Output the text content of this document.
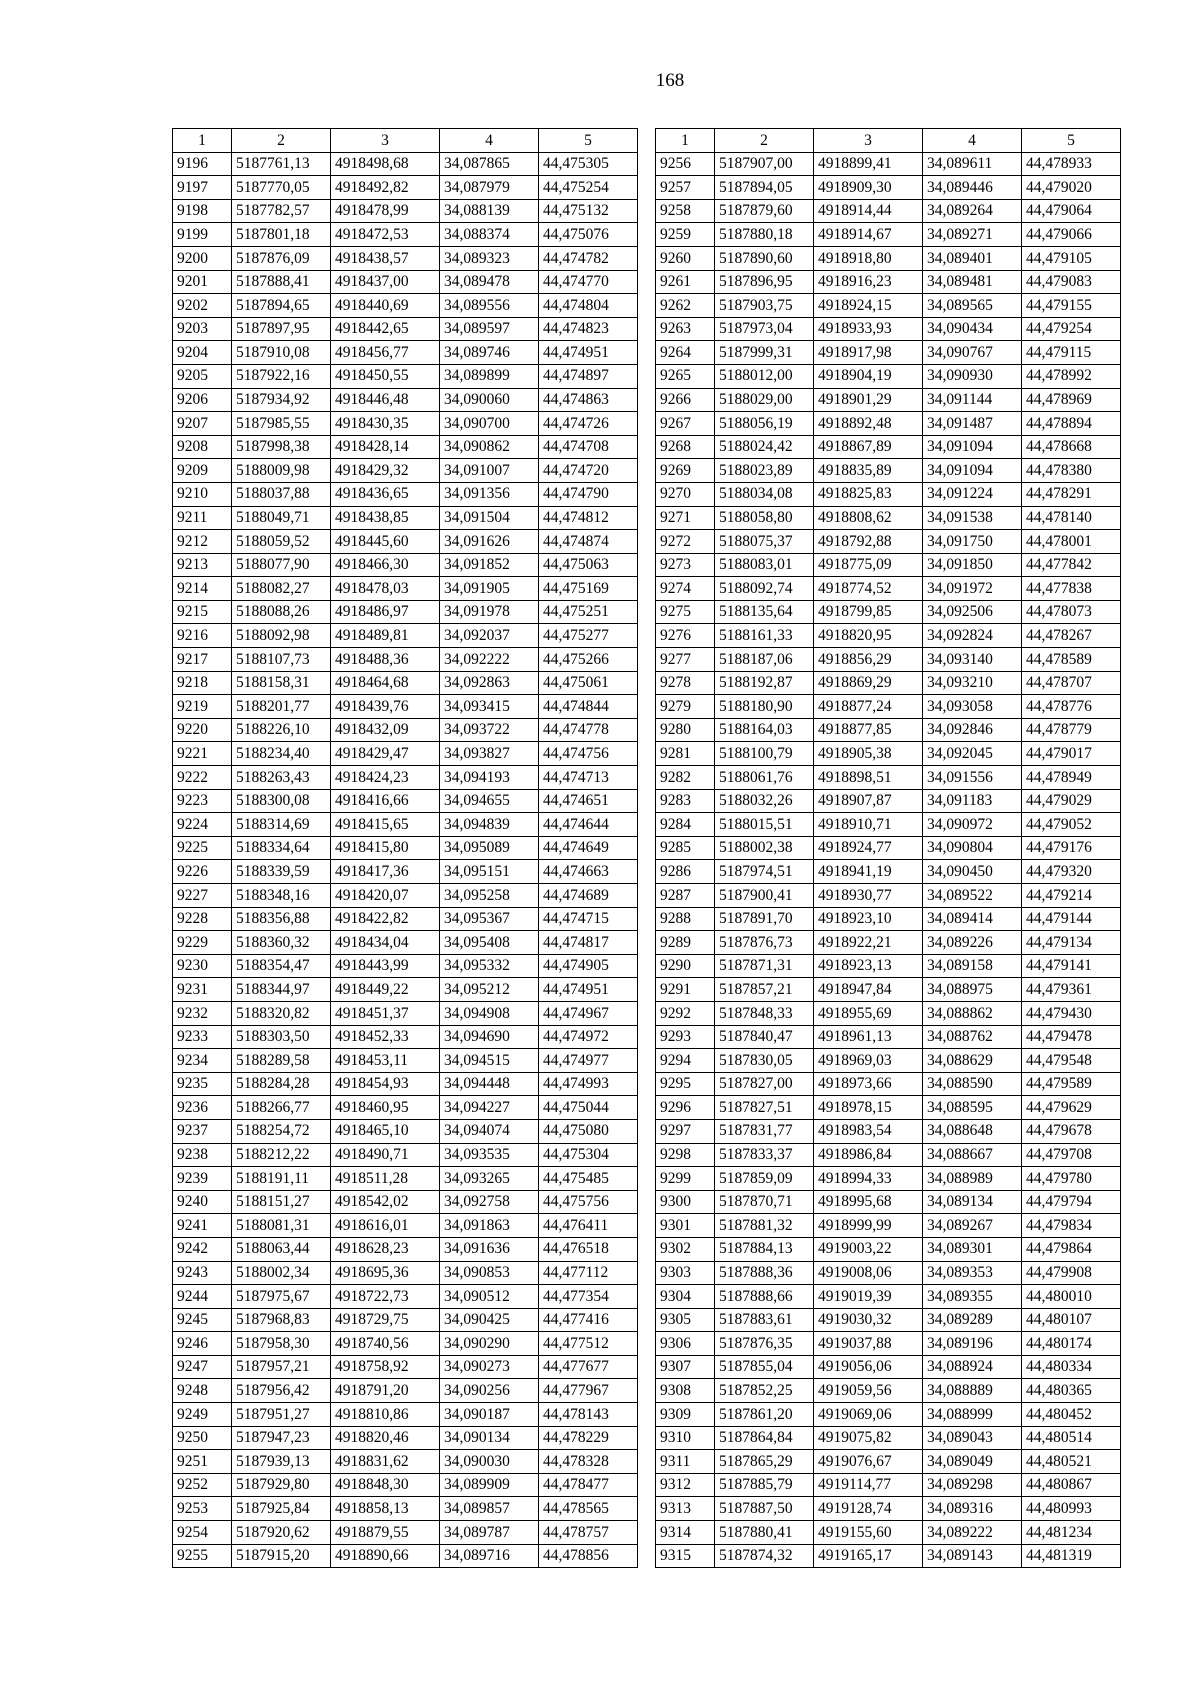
168
1	2	3	4	5
9196	5187761,13	4918498,68	34,087865	44,475305
9197	5187770,05	4918492,82	34,087979	44,475254
9198	5187782,57	4918478,99	34,088139	44,475132
9199	5187801,18	4918472,53	34,088374	44,475076
9200	5187876,09	4918438,57	34,089323	44,474782
9201	5187888,41	4918437,00	34,089478	44,474770
9202	5187894,65	4918440,69	34,089556	44,474804
9203	5187897,95	4918442,65	34,089597	44,474823
9204	5187910,08	4918456,77	34,089746	44,474951
9205	5187922,16	4918450,55	34,089899	44,474897
9206	5187934,92	4918446,48	34,090060	44,474863
9207	5187985,55	4918430,35	34,090700	44,474726
9208	5187998,38	4918428,14	34,090862	44,474708
9209	5188009,98	4918429,32	34,091007	44,474720
9210	5188037,88	4918436,65	34,091356	44,474790
9211	5188049,71	4918438,85	34,091504	44,474812
9212	5188059,52	4918445,60	34,091626	44,474874
9213	5188077,90	4918466,30	34,091852	44,475063
9214	5188082,27	4918478,03	34,091905	44,475169
9215	5188088,26	4918486,97	34,091978	44,475251
9216	5188092,98	4918489,81	34,092037	44,475277
9217	5188107,73	4918488,36	34,092222	44,475266
9218	5188158,31	4918464,68	34,092863	44,475061
9219	5188201,77	4918439,76	34,093415	44,474844
9220	5188226,10	4918432,09	34,093722	44,474778
9221	5188234,40	4918429,47	34,093827	44,474756
9222	5188263,43	4918424,23	34,094193	44,474713
9223	5188300,08	4918416,66	34,094655	44,474651
9224	5188314,69	4918415,65	34,094839	44,474644
9225	5188334,64	4918415,80	34,095089	44,474649
9226	5188339,59	4918417,36	34,095151	44,474663
9227	5188348,16	4918420,07	34,095258	44,474689
9228	5188356,88	4918422,82	34,095367	44,474715
9229	5188360,32	4918434,04	34,095408	44,474817
9230	5188354,47	4918443,99	34,095332	44,474905
9231	5188344,97	4918449,22	34,095212	44,474951
9232	5188320,82	4918451,37	34,094908	44,474967
9233	5188303,50	4918452,33	34,094690	44,474972
9234	5188289,58	4918453,11	34,094515	44,474977
9235	5188284,28	4918454,93	34,094448	44,474993
9236	5188266,77	4918460,95	34,094227	44,475044
9237	5188254,72	4918465,10	34,094074	44,475080
9238	5188212,22	4918490,71	34,093535	44,475304
9239	5188191,11	4918511,28	34,093265	44,475485
9240	5188151,27	4918542,02	34,092758	44,475756
9241	5188081,31	4918616,01	34,091863	44,476411
9242	5188063,44	4918628,23	34,091636	44,476518
9243	5188002,34	4918695,36	34,090853	44,477112
9244	5187975,67	4918722,73	34,090512	44,477354
9245	5187968,83	4918729,75	34,090425	44,477416
9246	5187958,30	4918740,56	34,090290	44,477512
9247	5187957,21	4918758,92	34,090273	44,477677
9248	5187956,42	4918791,20	34,090256	44,477967
9249	5187951,27	4918810,86	34,090187	44,478143
9250	5187947,23	4918820,46	34,090134	44,478229
9251	5187939,13	4918831,62	34,090030	44,478328
9252	5187929,80	4918848,30	34,089909	44,478477
9253	5187925,84	4918858,13	34,089857	44,478565
9254	5187920,62	4918879,55	34,089787	44,478757
9255	5187915,20	4918890,66	34,089716	44,478856
1	2	3	4	5
9256	5187907,00	4918899,41	34,089611	44,478933
9257	5187894,05	4918909,30	34,089446	44,479020
9258	5187879,60	4918914,44	34,089264	44,479064
9259	5187880,18	4918914,67	34,089271	44,479066
9260	5187890,60	4918918,80	34,089401	44,479105
9261	5187896,95	4918916,23	34,089481	44,479083
9262	5187903,75	4918924,15	34,089565	44,479155
9263	5187973,04	4918933,93	34,090434	44,479254
9264	5187999,31	4918917,98	34,090767	44,479115
9265	5188012,00	4918904,19	34,090930	44,478992
9266	5188029,00	4918901,29	34,091144	44,478969
9267	5188056,19	4918892,48	34,091487	44,478894
9268	5188024,42	4918867,89	34,091094	44,478668
9269	5188023,89	4918835,89	34,091094	44,478380
9270	5188034,08	4918825,83	34,091224	44,478291
9271	5188058,80	4918808,62	34,091538	44,478140
9272	5188075,37	4918792,88	34,091750	44,478001
9273	5188083,01	4918775,09	34,091850	44,477842
9274	5188092,74	4918774,52	34,091972	44,477838
9275	5188135,64	4918799,85	34,092506	44,478073
9276	5188161,33	4918820,95	34,092824	44,478267
9277	5188187,06	4918856,29	34,093140	44,478589
9278	5188192,87	4918869,29	34,093210	44,478707
9279	5188180,90	4918877,24	34,093058	44,478776
9280	5188164,03	4918877,85	34,092846	44,478779
9281	5188100,79	4918905,38	34,092045	44,479017
9282	5188061,76	4918898,51	34,091556	44,478949
9283	5188032,26	4918907,87	34,091183	44,479029
9284	5188015,51	4918910,71	34,090972	44,479052
9285	5188002,38	4918924,77	34,090804	44,479176
9286	5187974,51	4918941,19	34,090450	44,479320
9287	5187900,41	4918930,77	34,089522	44,479214
9288	5187891,70	4918923,10	34,089414	44,479144
9289	5187876,73	4918922,21	34,089226	44,479134
9290	5187871,31	4918923,13	34,089158	44,479141
9291	5187857,21	4918947,84	34,088975	44,479361
9292	5187848,33	4918955,69	34,088862	44,479430
9293	5187840,47	4918961,13	34,088762	44,479478
9294	5187830,05	4918969,03	34,088629	44,479548
9295	5187827,00	4918973,66	34,088590	44,479589
9296	5187827,51	4918978,15	34,088595	44,479629
9297	5187831,77	4918983,54	34,088648	44,479678
9298	5187833,37	4918986,84	34,088667	44,479708
9299	5187859,09	4918994,33	34,088989	44,479780
9300	5187870,71	4918995,68	34,089134	44,479794
9301	5187881,32	4918999,99	34,089267	44,479834
9302	5187884,13	4919003,22	34,089301	44,479864
9303	5187888,36	4919008,06	34,089353	44,479908
9304	5187888,66	4919019,39	34,089355	44,480010
9305	5187883,61	4919030,32	34,089289	44,480107
9306	5187876,35	4919037,88	34,089196	44,480174
9307	5187855,04	4919056,06	34,088924	44,480334
9308	5187852,25	4919059,56	34,088889	44,480365
9309	5187861,20	4919069,06	34,088999	44,480452
9310	5187864,84	4919075,82	34,089043	44,480514
9311	5187865,29	4919076,67	34,089049	44,480521
9312	5187885,79	4919114,77	34,089298	44,480867
9313	5187887,50	4919128,74	34,089316	44,480993
9314	5187880,41	4919155,60	34,089222	44,481234
9315	5187874,32	4919165,17	34,089143	44,481319
